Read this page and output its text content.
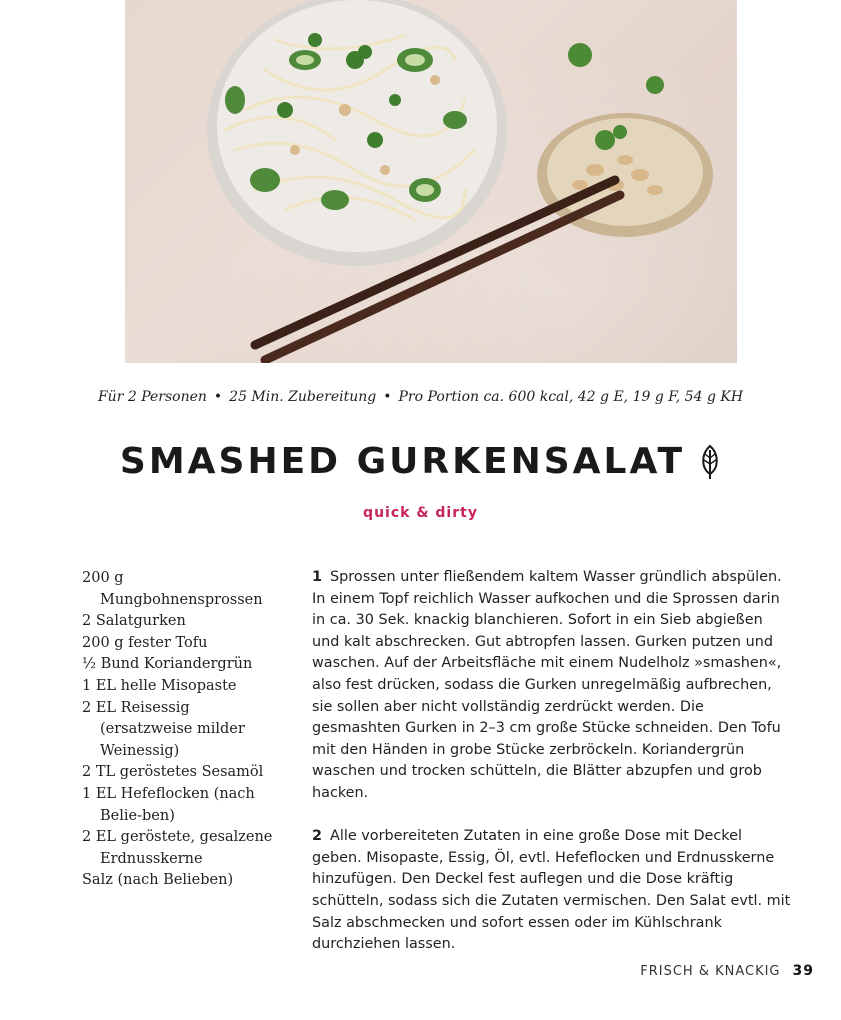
Für 2 Personen • 25 Min. Zubereitung • Pro Portion ca. 600 kcal, 42 g E, 19 g F, 54 g KH
SMASHED GURKENSALAT
quick & dirty
200 g Mungbohnensprossen
2 Salatgurken
200 g fester Tofu
½ Bund Koriandergrün
1 EL helle Misopaste
2 EL Reisessig (ersatzweise milder Weinessig)
2 TL geröstetes Sesamöl
1 EL Hefeflocken (nach Belie-ben)
2 EL geröstete, gesalzene Erdnusskerne
Salz (nach Belieben)

1 Sprossen unter fließendem kaltem Wasser gründlich abspülen. In einem Topf reichlich Wasser aufkochen und die Sprossen darin in ca. 30 Sek. knackig blanchieren. Sofort in ein Sieb abgießen und kalt abschrecken. Gut abtropfen lassen. Gurken putzen und waschen. Auf der Arbeitsfläche mit einem Nudelholz »smashen«, also fest drücken, sodass die Gurken unregelmäßig aufbrechen, sie sollen aber nicht vollständig zerdrückt werden. Die gesmashten Gurken in 2–3 cm große Stücke schneiden. Den Tofu mit den Händen in grobe Stücke zerbröckeln. Koriandergrün waschen und trocken schütteln, die Blätter abzupfen und grob hacken.

2 Alle vorbereiteten Zutaten in eine große Dose mit Deckel geben. Misopaste, Essig, Öl, evtl. Hefeflocken und Erdnusskerne hinzufügen. Den Deckel fest auflegen und die Dose kräftig schütteln, sodass sich die Zutaten vermischen. Den Salat evtl. mit Salz abschmecken und sofort essen oder im Kühlschrank durchziehen lassen.

FRISCH & KNACKIG 39
